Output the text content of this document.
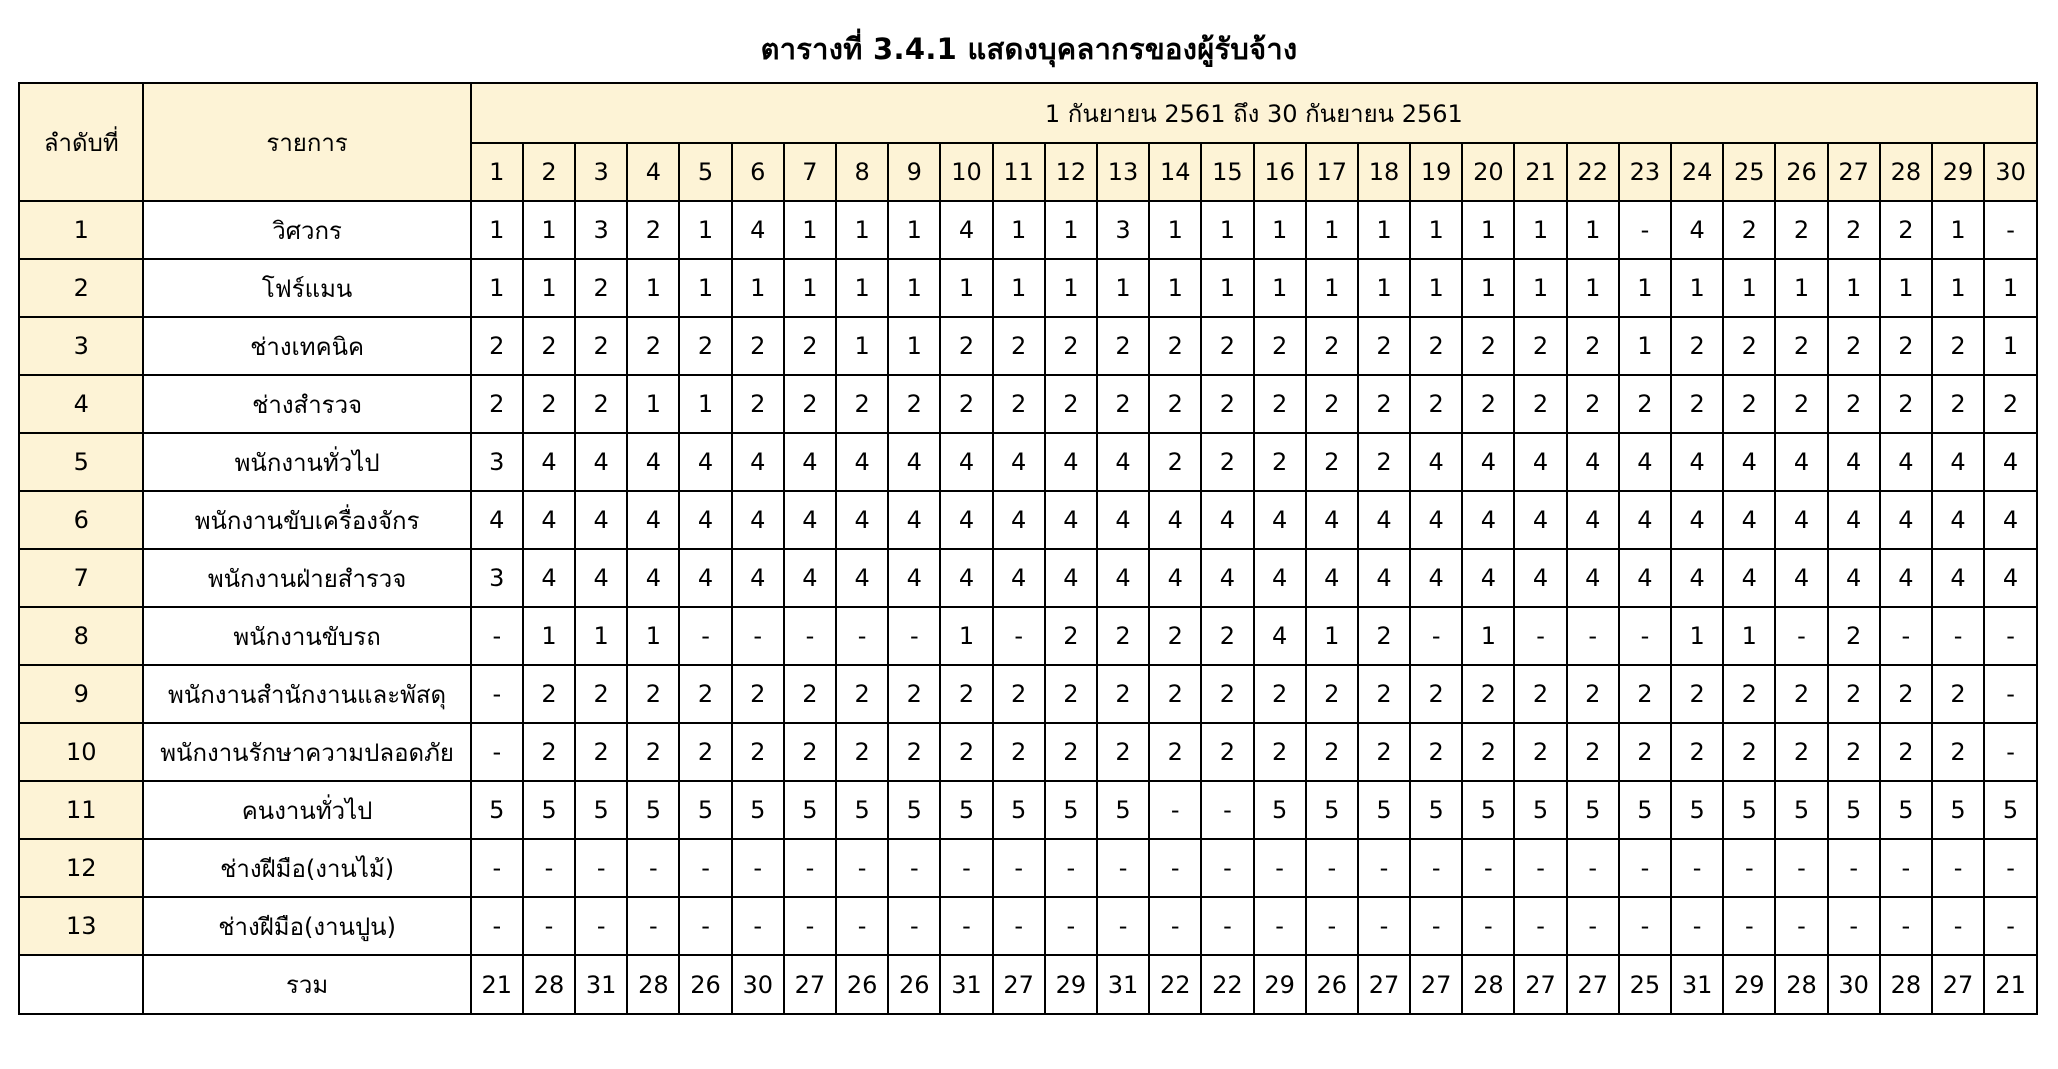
ตารางที่ 3.4.1 แสดงบุคลากรของผู้รับจ้าง
ลำดับที่	รายการ	1 กันยายน 2561 ถึง 30 กันยายน 2561																													
		1	2	3	4	5	6	7	8	9	10	11	12	13	14	15	16	17	18	19	20	21	22	23	24	25	26	27	28	29	30
1	วิศวกร	1	1	3	2	1	4	1	1	1	4	1	1	3	1	1	1	1	1	1	1	1	1	-	4	2	2	2	2	1	-
2	โฟร์แมน	1	1	2	1	1	1	1	1	1	1	1	1	1	1	1	1	1	1	1	1	1	1	1	1	1	1	1	1	1	1
3	ช่างเทคนิค	2	2	2	2	2	2	2	1	1	2	2	2	2	2	2	2	2	2	2	2	2	2	1	2	2	2	2	2	2	1
4	ช่างสำรวจ	2	2	2	1	1	2	2	2	2	2	2	2	2	2	2	2	2	2	2	2	2	2	2	2	2	2	2	2	2	2
5	พนักงานทั่วไป	3	4	4	4	4	4	4	4	4	4	4	4	4	2	2	2	2	2	4	4	4	4	4	4	4	4	4	4	4	4
6	พนักงานขับเครื่องจักร	4	4	4	4	4	4	4	4	4	4	4	4	4	4	4	4	4	4	4	4	4	4	4	4	4	4	4	4	4	4
7	พนักงานฝ่ายสำรวจ	3	4	4	4	4	4	4	4	4	4	4	4	4	4	4	4	4	4	4	4	4	4	4	4	4	4	4	4	4	4
8	พนักงานขับรถ	-	1	1	1	-	-	-	-	-	1	-	2	2	2	2	4	1	2	-	1	-	-	-	1	1	-	2	-	-	-
9	พนักงานสำนักงานและพัสดุ	-	2	2	2	2	2	2	2	2	2	2	2	2	2	2	2	2	2	2	2	2	2	2	2	2	2	2	2	2	-
10	พนักงานรักษาความปลอดภัย	-	2	2	2	2	2	2	2	2	2	2	2	2	2	2	2	2	2	2	2	2	2	2	2	2	2	2	2	2	-
11	คนงานทั่วไป	5	5	5	5	5	5	5	5	5	5	5	5	5	-	-	5	5	5	5	5	5	5	5	5	5	5	5	5	5	5
12	ช่างฝีมือ(งานไม้)	-	-	-	-	-	-	-	-	-	-	-	-	-	-	-	-	-	-	-	-	-	-	-	-	-	-	-	-	-	-
13	ช่างฝีมือ(งานปูน)	-	-	-	-	-	-	-	-	-	-	-	-	-	-	-	-	-	-	-	-	-	-	-	-	-	-	-	-	-	-
	รวม	21	28	31	28	26	30	27	26	26	31	27	29	31	22	22	29	26	27	27	28	27	27	25	31	29	28	30	28	27	21
